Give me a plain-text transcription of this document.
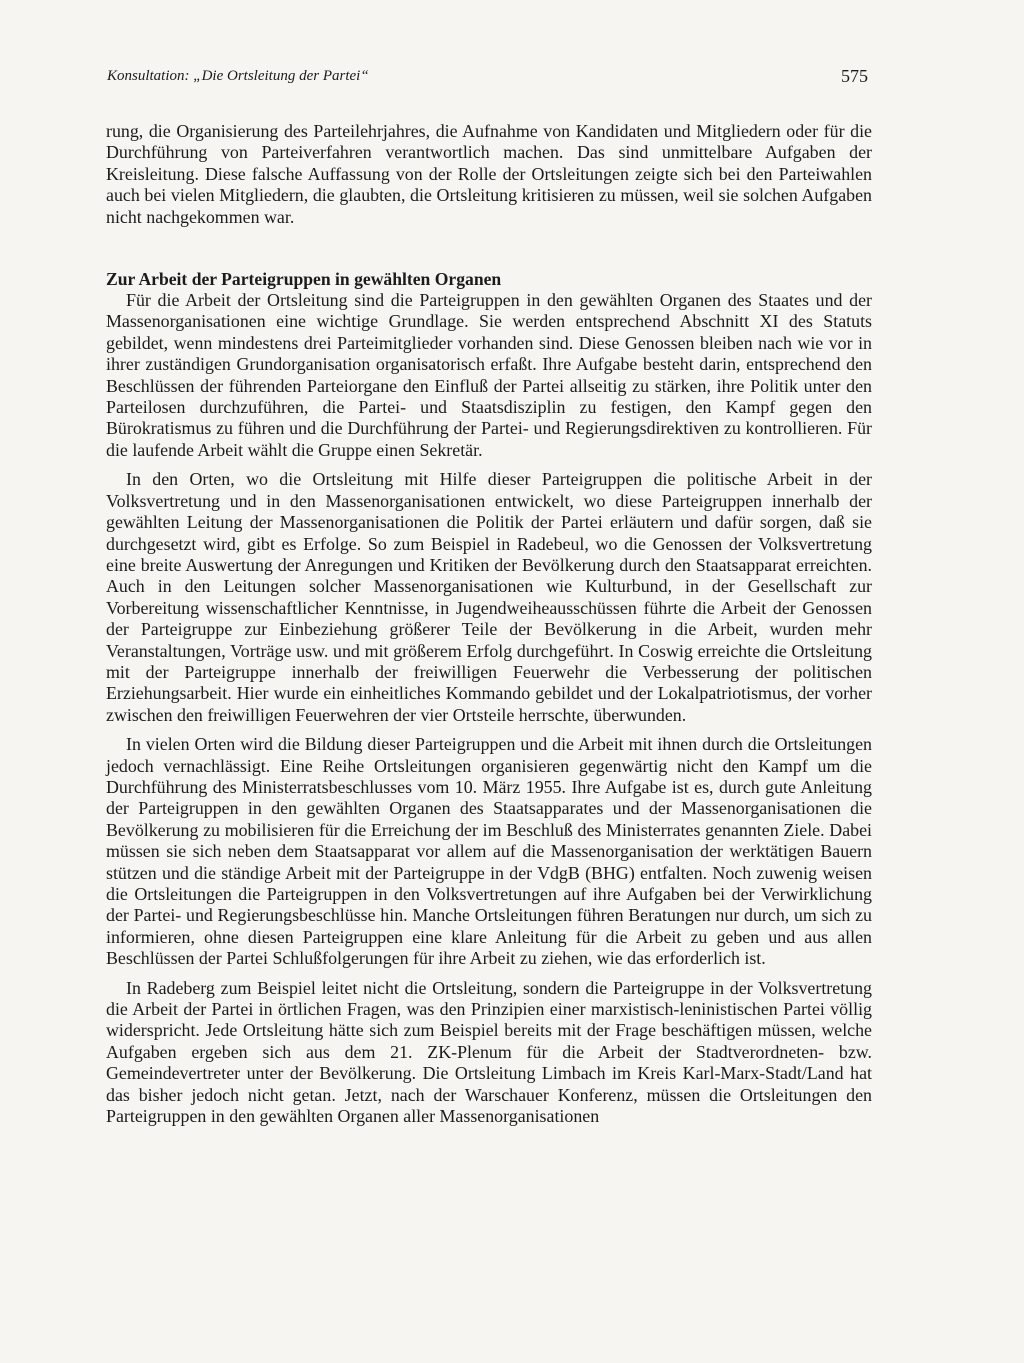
Konsultation: „Die Ortsleitung der Partei“	575

rung, die Organisierung des Parteilehrjahres, die Aufnahme von Kandidaten und Mitgliedern oder für die Durchführung von Parteiverfahren verantwortlich machen. Das sind unmittelbare Aufgaben der Kreisleitung. Diese falsche Auffassung von der Rolle der Ortsleitungen zeigte sich bei den Parteiwahlen auch bei vielen Mitgliedern, die glaubten, die Ortsleitung kritisieren zu müssen, weil sie solchen Aufgaben nicht nachgekommen war.

Zur Arbeit der Parteigruppen in gewählten Organen

Für die Arbeit der Ortsleitung sind die Parteigruppen in den gewählten Organen des Staates und der Massenorganisationen eine wichtige Grundlage. Sie werden entsprechend Abschnitt XI des Statuts gebildet, wenn mindestens drei Parteimitglieder vorhanden sind. Diese Genossen bleiben nach wie vor in ihrer zuständigen Grundorganisation organisatorisch erfaßt. Ihre Aufgabe besteht darin, entsprechend den Beschlüssen der führenden Parteiorgane den Einfluß der Partei allseitig zu stärken, ihre Politik unter den Parteilosen durchzuführen, die Partei- und Staatsdisziplin zu festigen, den Kampf gegen den Bürokratismus zu führen und die Durchführung der Partei- und Regierungsdirektiven zu kontrollieren. Für die laufende Arbeit wählt die Gruppe einen Sekretär.

In den Orten, wo die Ortsleitung mit Hilfe dieser Parteigruppen die politische Arbeit in der Volksvertretung und in den Massenorganisationen entwickelt, wo diese Parteigruppen innerhalb der gewählten Leitung der Massenorganisationen die Politik der Partei erläutern und dafür sorgen, daß sie durchgesetzt wird, gibt es Erfolge. So zum Beispiel in Radebeul, wo die Genossen der Volksvertretung eine breite Auswertung der Anregungen und Kritiken der Bevölkerung durch den Staatsapparat erreichten. Auch in den Leitungen solcher Massenorganisationen wie Kulturbund, in der Gesellschaft zur Vorbereitung wissenschaftlicher Kenntnisse, in Jugendweiheausschüssen führte die Arbeit der Genossen der Parteigruppe zur Einbeziehung größerer Teile der Bevölkerung in die Arbeit, wurden mehr Veranstaltungen, Vorträge usw. und mit größerem Erfolg durchgeführt. In Coswig erreichte die Ortsleitung mit der Parteigruppe innerhalb der freiwilligen Feuerwehr die Verbesserung der politischen Erziehungsarbeit. Hier wurde ein einheitliches Kommando gebildet und der Lokalpatriotismus, der vorher zwischen den freiwilligen Feuerwehren der vier Ortsteile herrschte, überwunden.

In vielen Orten wird die Bildung dieser Parteigruppen und die Arbeit mit ihnen durch die Ortsleitungen jedoch vernachlässigt. Eine Reihe Ortsleitungen organisieren gegenwärtig nicht den Kampf um die Durchführung des Ministerratsbeschlusses vom 10. März 1955. Ihre Aufgabe ist es, durch gute Anleitung der Parteigruppen in den gewählten Organen des Staatsapparates und der Massenorganisationen die Bevölkerung zu mobilisieren für die Erreichung der im Beschluß des Ministerrates genannten Ziele. Dabei müssen sie sich neben dem Staatsapparat vor allem auf die Massenorganisation der werktätigen Bauern stützen und die ständige Arbeit mit der Parteigruppe in der VdgB (BHG) entfalten. Noch zuwenig weisen die Ortsleitungen die Parteigruppen in den Volksvertretungen auf ihre Aufgaben bei der Verwirklichung der Partei- und Regierungsbeschlüsse hin. Manche Ortsleitungen führen Beratungen nur durch, um sich zu informieren, ohne diesen Parteigruppen eine klare Anleitung für die Arbeit zu geben und aus allen Beschlüssen der Partei Schlußfolgerungen für ihre Arbeit zu ziehen, wie das erforderlich ist.

In Radeberg zum Beispiel leitet nicht die Ortsleitung, sondern die Parteigruppe in der Volksvertretung die Arbeit der Partei in örtlichen Fragen, was den Prinzipien einer marxistisch-leninistischen Partei völlig widerspricht. Jede Ortsleitung hätte sich zum Beispiel bereits mit der Frage beschäftigen müssen, welche Aufgaben ergeben sich aus dem 21. ZK-Plenum für die Arbeit der Stadtverordneten- bzw. Gemeindevertreter unter der Bevölkerung. Die Ortsleitung Limbach im Kreis Karl-Marx-Stadt/Land hat das bisher jedoch nicht getan. Jetzt, nach der Warschauer Konferenz, müssen die Ortsleitungen den Parteigruppen in den gewählten Organen aller Massenorganisationen
